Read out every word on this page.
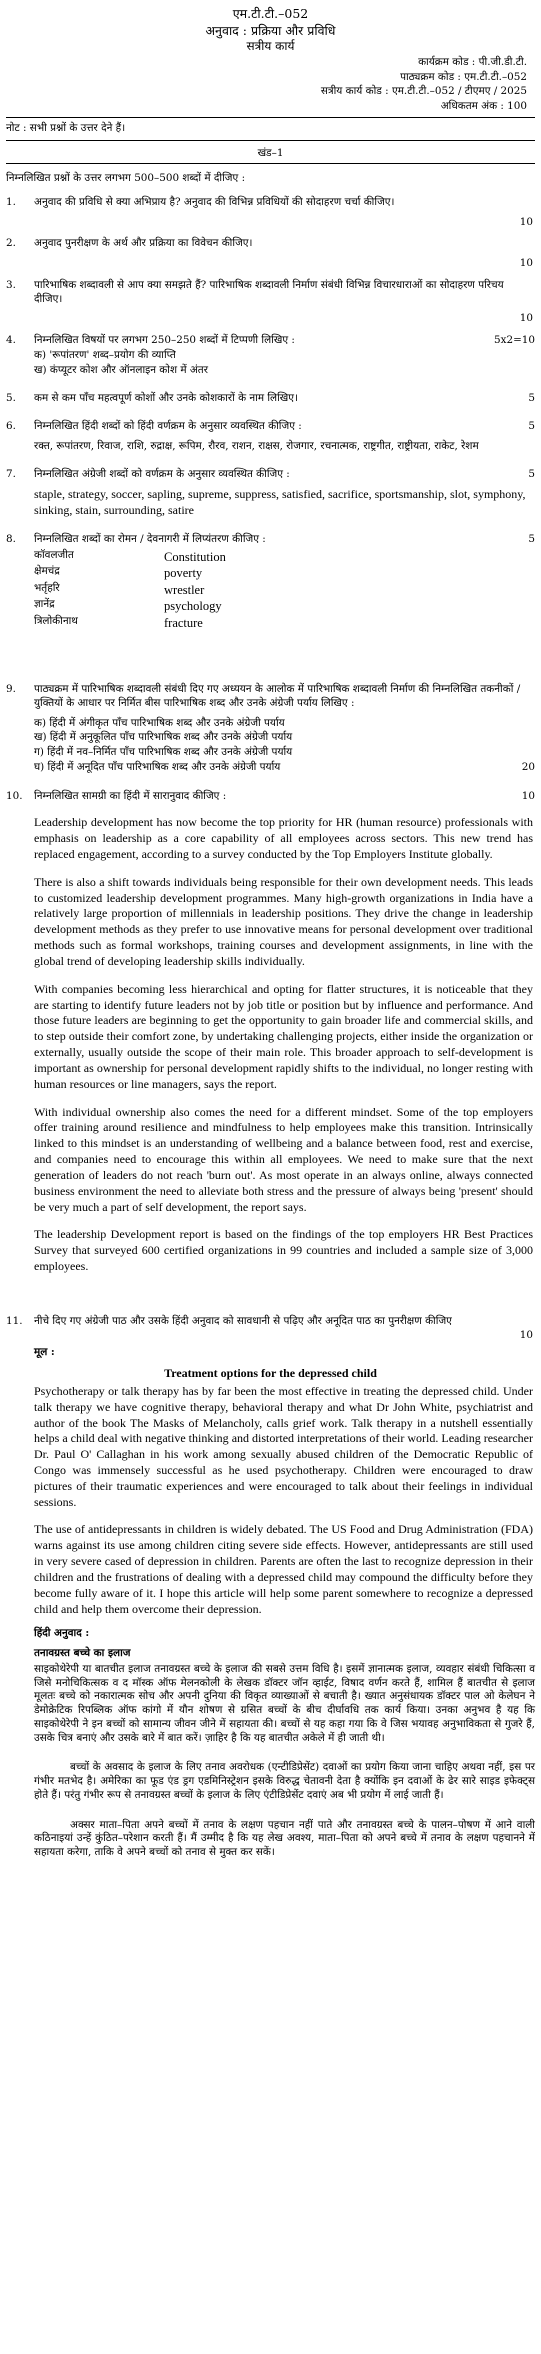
एम.टी.टी.–052
अनुवाद : प्रक्रिया और प्रविधि
सत्रीय कार्य
कार्यक्रम कोड : पी.जी.डी.टी.
पाठ्यक्रम कोड : एम.टी.टी.–052
सत्रीय कार्य कोड : एम.टी.टी.–052 / टीएमए / 2025
अधिकतम अंक : 100
नोट : सभी प्रश्नों के उत्तर देने हैं।
खंड–1
निम्नलिखित प्रश्नों के उत्तर लगभग 500–500 शब्दों में दीजिए :
1.	अनुवाद की प्रविधि से क्या अभिप्राय है? अनुवाद की विभिन्न प्रविधियों की सोदाहरण चर्चा कीजिए।
10
2.	अनुवाद पुनरीक्षण के अर्थ और प्रक्रिया का विवेचन कीजिए।
10
3.	पारिभाषिक शब्दावली से आप क्या समझते हैं? पारिभाषिक शब्दावली निर्माण संबंधी विभिन्न विचारधाराओं का सोदाहरण परिचय दीजिए।
10
4.	5x2=10
निम्नलिखित विषयों पर लगभग 250–250 शब्दों में टिप्पणी लिखिए :
क) 'रूपांतरण' शब्द–प्रयोग की व्याप्ति
ख) कंप्यूटर कोश और ऑनलाइन कोश में अंतर
5.	5
कम से कम पाँच महत्वपूर्ण कोशों और उनके कोशकारों के नाम लिखिए।
6.	5
निम्नलिखित हिंदी शब्दों को हिंदी वर्णक्रम के अनुसार व्यवस्थित कीजिए :
रक्त, रूपांतरण, रिवाज, राशि, रुद्राक्ष, रूपिम, रौरव, राशन, राक्षस, रोजगार, रचनात्मक, राष्ट्रगीत, राष्ट्रीयता, राकेट, रेशम
7.	5
निम्नलिखित अंग्रेजी शब्दों को वर्णक्रम के अनुसार व्यवस्थित कीजिए :
staple, strategy, soccer, sapling, supreme, suppress, satisfied, sacrifice, sportsmanship, slot, symphony, sinking, stain, surrounding, satire
8.	5
निम्नलिखित शब्दों का रोमन / देवनागरी में लिप्यंतरण कीजिए :
कॉवलजीत	Constitution
क्षेमचंद्र	poverty
भर्तृहरि	wrestler
ज्ञानेंद्र	psychology
त्रिलोकीनाथ	fracture
9.	पाठ्यक्रम में पारिभाषिक शब्दावली संबंधी दिए गए अध्ययन के आलोक में पारिभाषिक शब्दावली निर्माण की निम्नलिखित तकनीकों / युक्तियों के आधार पर निर्मित बीस पारिभाषिक शब्द और उनके अंग्रेजी पर्याय लिखिए :
क) हिंदी में अंगीकृत पाँच पारिभाषिक शब्द और उनके अंग्रेजी पर्याय
ख) हिंदी में अनुकूलित पाँच पारिभाषिक शब्द और उनके अंग्रेजी पर्याय
ग) हिंदी में नव–निर्मित पाँच पारिभाषिक शब्द और उनके अंग्रेजी पर्याय
20
घ) हिंदी में अनूदित पाँच पारिभाषिक शब्द और उनके अंग्रेजी पर्याय
10.	10
निम्नलिखित सामग्री का हिंदी में सारानुवाद कीजिए :
Leadership development has now become the top priority for HR (human resource) professionals with emphasis on leadership as a core capability of all employees across sectors. This new trend has replaced engagement, according to a survey conducted by the Top Employers Institute globally.
There is also a shift towards individuals being responsible for their own development needs. This leads to customized leadership development programmes. Many high-growth organizations in India have a relatively large proportion of millennials in leadership positions. They drive the change in leadership development methods as they prefer to use innovative means for personal development over traditional methods such as formal workshops, training courses and development assignments, in line with the global trend of developing leadership skills individually.
With companies becoming less hierarchical and opting for flatter structures, it is noticeable that they are starting to identify future leaders not by job title or position but by influence and performance. And those future leaders are beginning to get the opportunity to gain broader life and commercial skills, and to step outside their comfort zone, by undertaking challenging projects, either inside the organization or externally, usually outside the scope of their main role. This broader approach to self-development is important as ownership for personal development rapidly shifts to the individual, no longer resting with human resources or line managers, says the report.
With individual ownership also comes the need for a different mindset. Some of the top employers offer training around resilience and mindfulness to help employees make this transition. Intrinsically linked to this mindset is an understanding of wellbeing and a balance between food, rest and exercise, and companies need to encourage this within all employees. We need to make sure that the next generation of leaders do not reach 'burn out'. As most operate in an always online, always connected business environment the need to alleviate both stress and the pressure of always being 'present' should be very much a part of self development, the report says.
The leadership Development report is based on the findings of the top employers HR Best Practices Survey that surveyed 600 certified organizations in 99 countries and included a sample size of 3,000 employees.
11.	नीचे दिए गए अंग्रेजी पाठ और उसके हिंदी अनुवाद को सावधानी से पढ़िए और अनूदित पाठ का पुनरीक्षण कीजिए
10
मूल :
Treatment options for the depressed child
Psychotherapy or talk therapy has by far been the most effective in treating the depressed child. Under talk therapy we have cognitive therapy, behavioral therapy and what Dr John White, psychiatrist and author of the book The Masks of Melancholy, calls grief work. Talk therapy in a nutshell essentially helps a child deal with negative thinking and distorted interpretations of their world. Leading researcher Dr. Paul O' Callaghan in his work among sexually abused children of the Democratic Republic of Congo was immensely successful as he used psychotherapy. Children were encouraged to draw pictures of their traumatic experiences and were encouraged to talk about their feelings in individual sessions.
The use of antidepressants in children is widely debated. The US Food and Drug Administration (FDA) warns against its use among children citing severe side effects. However, antidepressants are still used in very severe cased of depression in children. Parents are often the last to recognize depression in their children and the frustrations of dealing with a depressed child may compound the difficulty before they become fully aware of it. I hope this article will help some parent somewhere to recognize a depressed child and help them overcome their depression.
हिंदी अनुवाद :
तनावग्रस्त बच्चे का इलाज
साइकोथेरेपी या बातचीत इलाज तनावग्रस्त बच्चे के इलाज की सबसे उत्तम विधि है। इसमें ज्ञानात्मक इलाज, व्यवहार संबंधी चिकित्सा व जिसे मनोचिकित्सक व द मॉस्क ऑफ मेलनकोली के लेखक डॉक्टर जॉन व्हाईट, विषाद वर्णन करते हैं, शामिल हैं बातचीत से इलाज मूलतः बच्चे को नकारात्मक सोच और अपनी दुनिया की विकृत व्याख्याओं से बचाती है। ख्यात अनुसंधायक डॉक्टर पाल ओ केलेघन ने डेमोक्रेटिक रिपब्लिक ऑफ कांगो में यौन शोषण से ग्रसित बच्चों के बीच दीर्घावधि तक कार्य किया। उनका अनुभव है यह कि साइकोथेरेपी ने इन बच्चों को सामान्य जीवन जीने में सहायता की। बच्चों से यह कहा गया कि वे जिस भयावह अनुभाविकता से गुजरे हैं, उसके चित्र बनाएं और उसके बारे में बात करें। ज़ाहिर है कि यह बातचीत अकेले में ही जाती थी।
बच्चों के अवसाद के इलाज के लिए तनाव अवरोधक (एन्टीडिप्रेसेंट) दवाओं का प्रयोग किया जाना चाहिए अथवा नहीं, इस पर गंभीर मतभेद है। अमेरिका का फूड एंड ड्रग एडमिनिस्ट्रेशन इसके विरुद्ध चेतावनी देता है क्योंकि इन दवाओं के ढेर सारे साइड इफेक्ट्स होते हैं। परंतु गंभीर रूप से तनावग्रस्त बच्चों के इलाज के लिए एंटीडिप्रेसेंट दवाएं अब भी प्रयोग में लाई जाती हैं।
अक्सर माता–पिता अपने बच्चों में तनाव के लक्षण पहचान नहीं पाते और तनावग्रस्त बच्चे के पालन–पोषण में आने वाली कठिनाइयां उन्हें कुंठित–परेशान करती हैं। मैं उम्मीद है कि यह लेख अवश्य, माता–पिता को अपने बच्चे में तनाव के लक्षण पहचानने में सहायता करेगा, ताकि वे अपने बच्चों को तनाव से मुक्त कर सकें।
